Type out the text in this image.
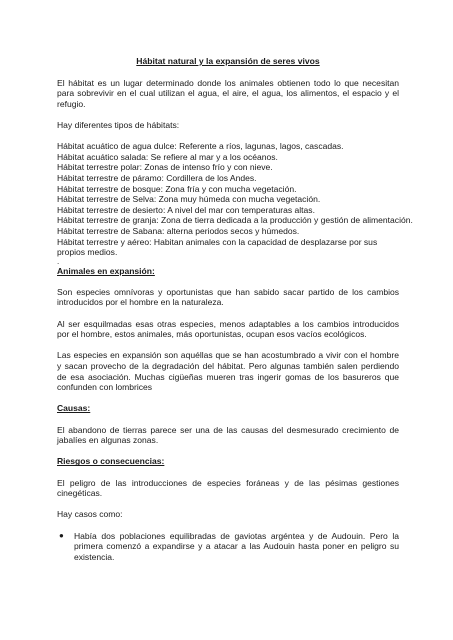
Hábitat natural y la expansión de seres vivos

El hábitat es un lugar determinado donde los animales obtienen todo lo que necesitan para sobrevivir en el cual utilizan el agua, el aire, el agua, los alimentos, el espacio y el refugio.

Hay diferentes tipos de hábitats:

Hábitat acuático de agua dulce: Referente a ríos, lagunas, lagos, cascadas.

Hábitat acuático salada: Se refiere al mar y a los océanos.

Hábitat terrestre polar: Zonas de intenso frío y con nieve.

Hábitat terrestre de páramo: Cordillera de los Andes.

Hábitat terrestre de bosque: Zona fría y con mucha vegetación.

Hábitat terrestre de Selva: Zona muy húmeda con mucha vegetación.

Hábitat terrestre de desierto: A nivel del mar con temperaturas altas.

Hábitat terrestre de granja: Zona de tierra dedicada a la producción y gestión de alimentación.

Hábitat terrestre de Sabana: alterna periodos secos y húmedos.

Hábitat terrestre y aéreo: Habitan animales con la capacidad de desplazarse por sus propios medios.

.

Animales en expansión:

Son especies omnívoras y oportunistas que han sabido sacar partido de los cambios introducidos por el hombre en la naturaleza.

Al ser esquilmadas esas otras especies, menos adaptables a los cambios introducidos por el hombre, estos animales, más oportunistas, ocupan esos vacíos ecológicos.

Las especies en expansión son aquéllas que se han acostumbrado a vivir con el hombre y sacan provecho de la degradación del hábitat. Pero algunas también salen perdiendo de esa asociación. Muchas cigüeñas mueren tras ingerir gomas de los basureros que confunden con lombrices

Causas:

El abandono de tierras parece ser una de las causas del desmesurado crecimiento de jabalíes en algunas zonas.

Riesgos o consecuencias:

El peligro de las introducciones de especies foráneas y de las pésimas gestiones cinegéticas.

Hay casos como:

● Había dos poblaciones equilibradas de gaviotas argéntea y de Audouin. Pero la primera comenzó a expandirse y a atacar a las Audouin hasta poner en peligro su existencia.
